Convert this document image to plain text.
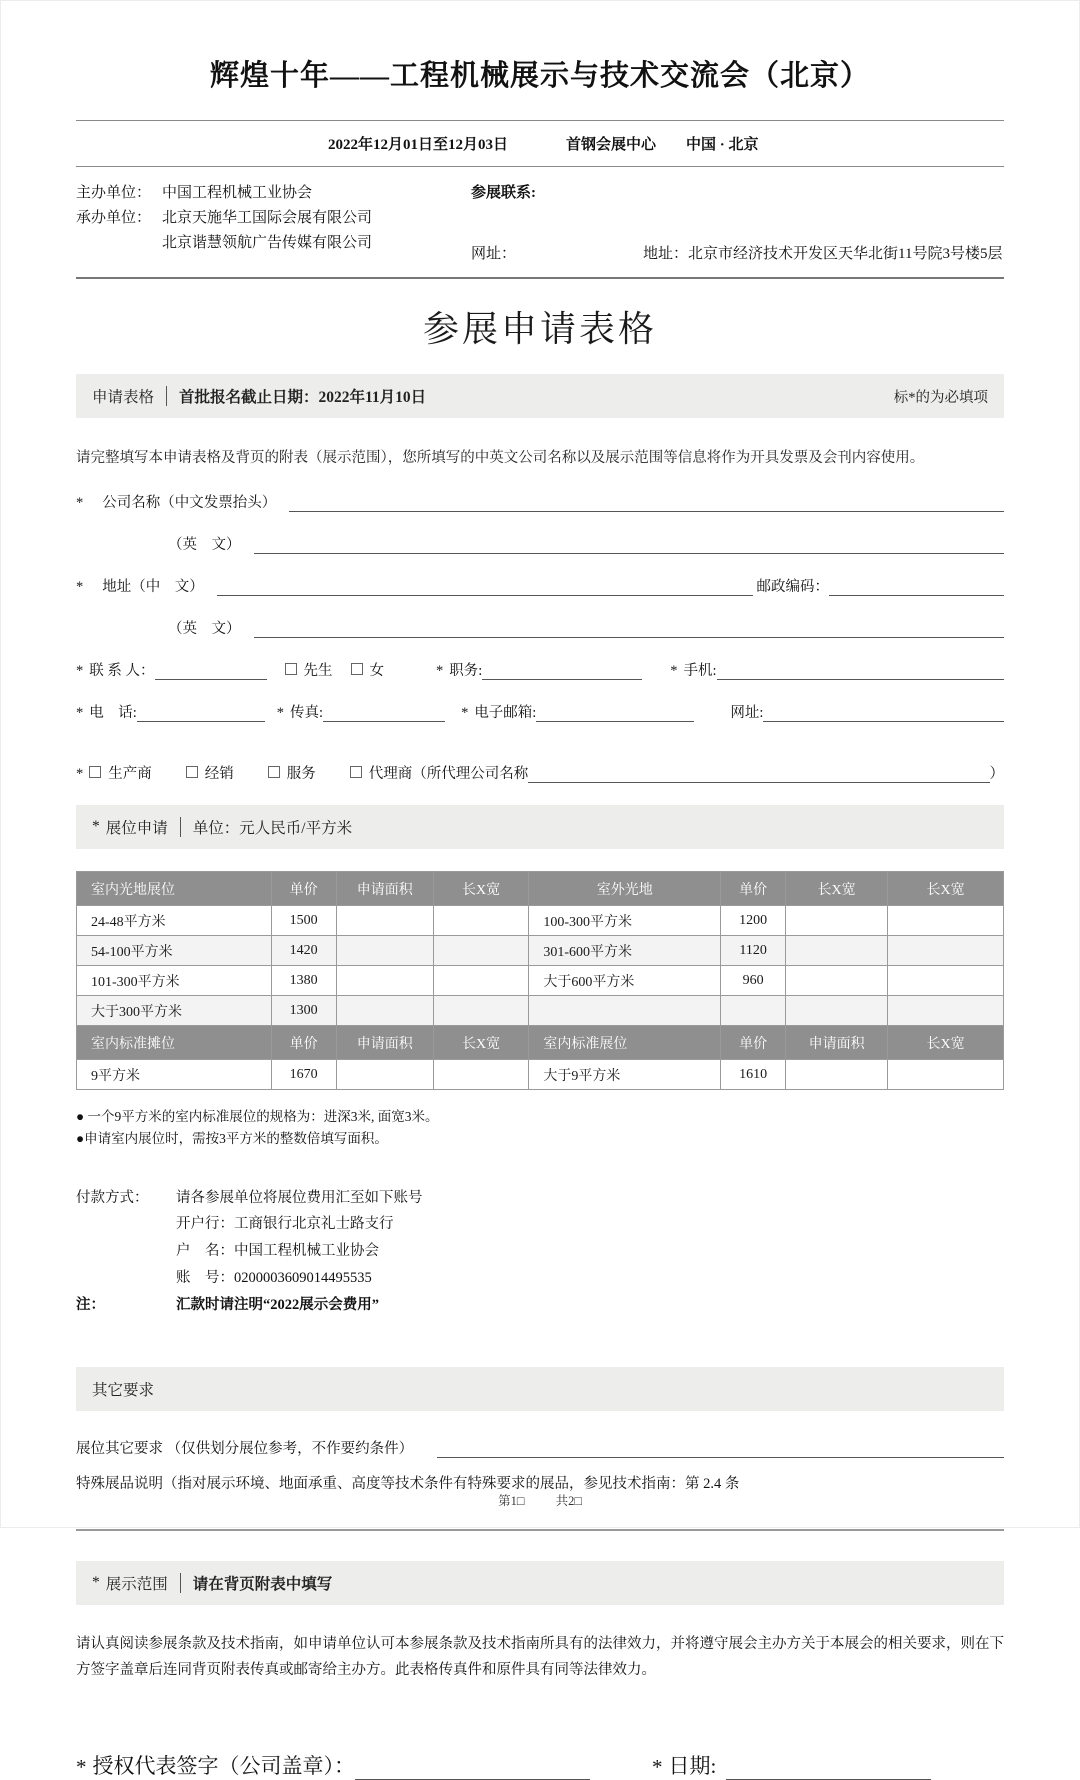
辉煌十年——工程机械展示与技术交流会（北京）
2022年12月01日至12月03日	首钢会展中心 中国 · 北京
主办单位： 中国工程机械工业协会
承办单位： 北京天施华工国际会展有限公司
北京谐慧领航广告传媒有限公司
参展联系:
网址：	地址：北京市经济技术开发区天华北街11号院3号楼5层
参展申请表格
申请表格 首批报名截止日期：2022年11月10日	标*的为必填项
请完整填写本申请表格及背页的附表（展示范围），您所填写的中英文公司名称以及展示范围等信息将作为开具发票及会刊内容使用。
* 公司名称（中文发票抬头）
（英　文）
* 地址（中　文）	邮政编码：
（英　文）
* 联 系 人：	先生	女	* 职务:	* 手机:
* 电　话:	* 传真:	* 电子邮箱:	网址:
*	生产商	经销	服务	代理商（所代理公司名称	）
* 展位申请 单位：元人民币/平方米
室内光地展位	单价	申请面积	长X宽	室外光地	单价	长X宽	长X宽
24-48平方米	1500			100-300平方米	1200		
54-100平方米	1420			301-600平方米	1120		
101-300平方米	1380			大于600平方米	960		
大于300平方米	1300						
室内标准摊位	单价	申请面积	长X宽	室内标准展位	单价	申请面积	长X宽
9平方米	1670			大于9平方米	1610		
● 一个9平方米的室内标准展位的规格为：进深3米, 面宽3米。
●申请室内展位时，需按3平方米的整数倍填写面积。
付款方式：	请各参展单位将展位费用汇至如下账号
开户行：工商银行北京礼士路支行
户　名：中国工程机械工业协会
账　号：0200003609014495535
注：	汇款时请注明“2022展示会费用”
其它要求
展位其它要求 （仅供划分展位参考，不作要约条件）
特殊展品说明（指对展示环境、地面承重、高度等技术条件有特殊要求的展品，参见技术指南：第 2.4 条
* 展示范围 请在背页附表中填写
请认真阅读参展条款及技术指南，如申请单位认可本参展条款及技术指南所具有的法律效力，并将遵守展会主办方关于本展会的相关要求，则在下方签字盖章后连同背页附表传真或邮寄给主办方。此表格传真件和原件具有同等法律效力。
* 授权代表签字（公司盖章）：	* 日期:
第1□ 共2□
